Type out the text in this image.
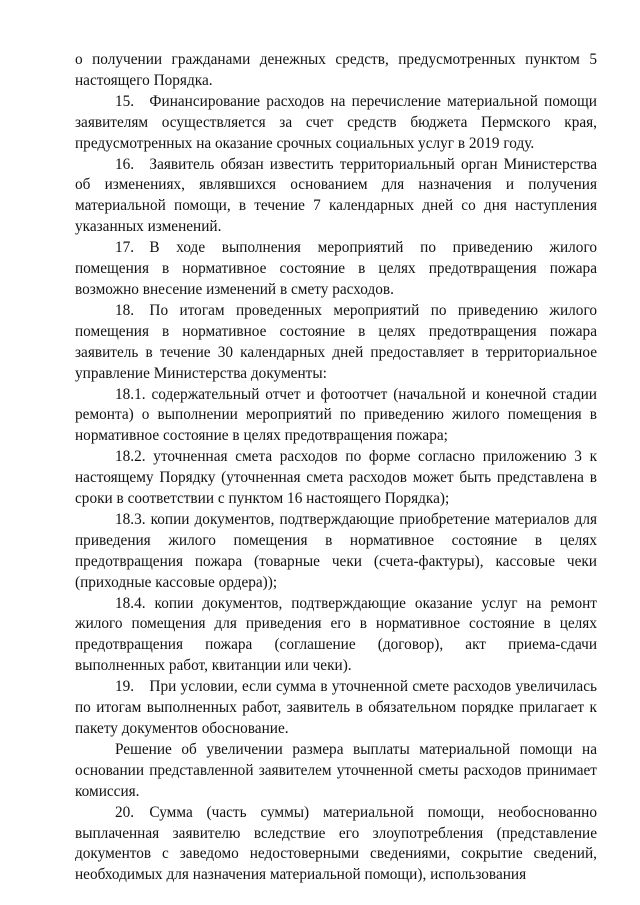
о получении гражданами денежных средств, предусмотренных пунктом 5 настоящего Порядка.

15. Финансирование расходов на перечисление материальной помощи заявителям осуществляется за счет средств бюджета Пермского края, предусмотренных на оказание срочных социальных услуг в 2019 году.

16. Заявитель обязан известить территориальный орган Министерства об изменениях, являвшихся основанием для назначения и получения материальной помощи, в течение 7 календарных дней со дня наступления указанных изменений.

17. В ходе выполнения мероприятий по приведению жилого помещения в нормативное состояние в целях предотвращения пожара возможно внесение изменений в смету расходов.

18. По итогам проведенных мероприятий по приведению жилого помещения в нормативное состояние в целях предотвращения пожара заявитель в течение 30 календарных дней предоставляет в территориальное управление Министерства документы:

18.1. содержательный отчет и фотоотчет (начальной и конечной стадии ремонта) о выполнении мероприятий по приведению жилого помещения в нормативное состояние в целях предотвращения пожара;

18.2. уточненная смета расходов по форме согласно приложению 3 к настоящему Порядку (уточненная смета расходов может быть представлена в сроки в соответствии с пунктом 16 настоящего Порядка);

18.3. копии документов, подтверждающие приобретение материалов для приведения жилого помещения в нормативное состояние в целях предотвращения пожара (товарные чеки (счета-фактуры), кассовые чеки (приходные кассовые ордера));

18.4. копии документов, подтверждающие оказание услуг на ремонт жилого помещения для приведения его в нормативное состояние в целях предотвращения пожара (соглашение (договор), акт приема-сдачи выполненных работ, квитанции или чеки).

19. При условии, если сумма в уточненной смете расходов увеличилась по итогам выполненных работ, заявитель в обязательном порядке прилагает к пакету документов обоснование.

Решение об увеличении размера выплаты материальной помощи на основании представленной заявителем уточненной сметы расходов принимает комиссия.

20. Сумма (часть суммы) материальной помощи, необоснованно выплаченная заявителю вследствие его злоупотребления (представление документов с заведомо недостоверными сведениями, сокрытие сведений, необходимых для назначения материальной помощи), использования
